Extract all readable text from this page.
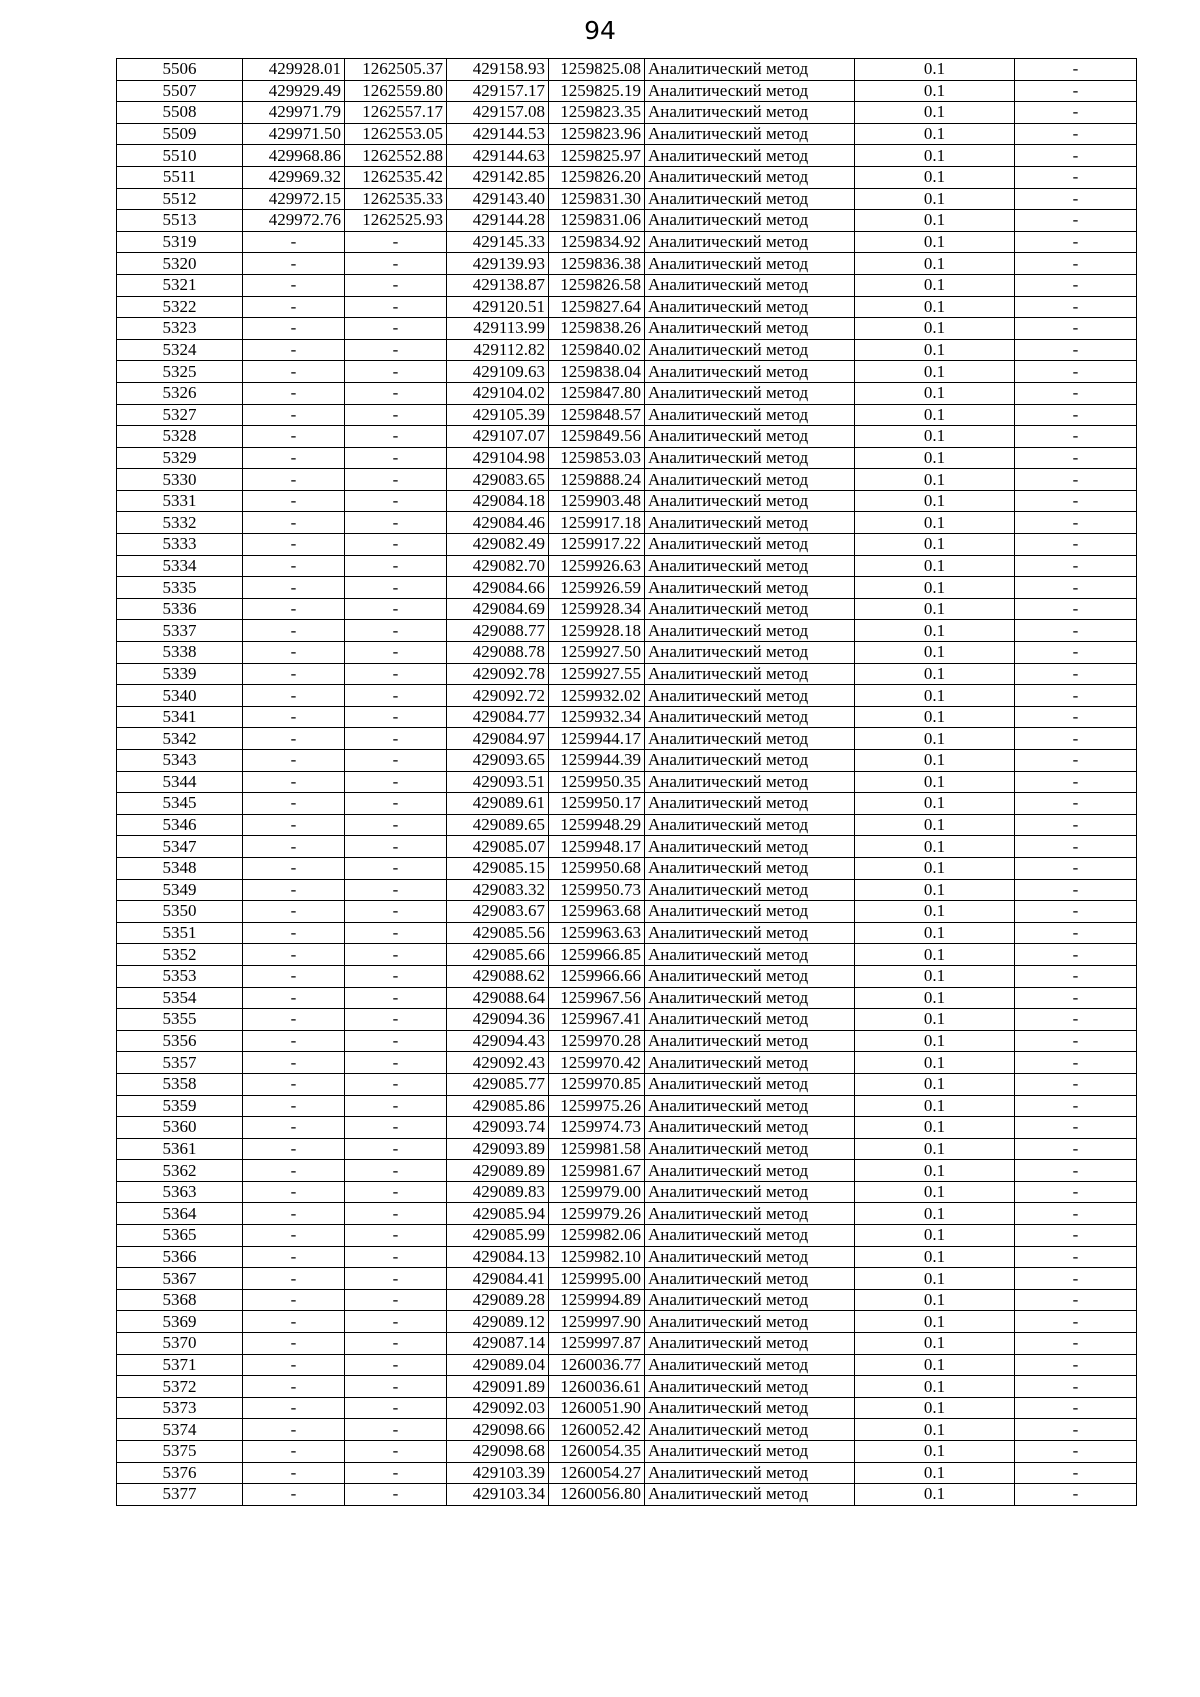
94
5506	429928.01	1262505.37	429158.93	1259825.08	Аналитический метод	0.1	-
5507	429929.49	1262559.80	429157.17	1259825.19	Аналитический метод	0.1	-
5508	429971.79	1262557.17	429157.08	1259823.35	Аналитический метод	0.1	-
5509	429971.50	1262553.05	429144.53	1259823.96	Аналитический метод	0.1	-
5510	429968.86	1262552.88	429144.63	1259825.97	Аналитический метод	0.1	-
5511	429969.32	1262535.42	429142.85	1259826.20	Аналитический метод	0.1	-
5512	429972.15	1262535.33	429143.40	1259831.30	Аналитический метод	0.1	-
5513	429972.76	1262525.93	429144.28	1259831.06	Аналитический метод	0.1	-
5319	-	-	429145.33	1259834.92	Аналитический метод	0.1	-
5320	-	-	429139.93	1259836.38	Аналитический метод	0.1	-
5321	-	-	429138.87	1259826.58	Аналитический метод	0.1	-
5322	-	-	429120.51	1259827.64	Аналитический метод	0.1	-
5323	-	-	429113.99	1259838.26	Аналитический метод	0.1	-
5324	-	-	429112.82	1259840.02	Аналитический метод	0.1	-
5325	-	-	429109.63	1259838.04	Аналитический метод	0.1	-
5326	-	-	429104.02	1259847.80	Аналитический метод	0.1	-
5327	-	-	429105.39	1259848.57	Аналитический метод	0.1	-
5328	-	-	429107.07	1259849.56	Аналитический метод	0.1	-
5329	-	-	429104.98	1259853.03	Аналитический метод	0.1	-
5330	-	-	429083.65	1259888.24	Аналитический метод	0.1	-
5331	-	-	429084.18	1259903.48	Аналитический метод	0.1	-
5332	-	-	429084.46	1259917.18	Аналитический метод	0.1	-
5333	-	-	429082.49	1259917.22	Аналитический метод	0.1	-
5334	-	-	429082.70	1259926.63	Аналитический метод	0.1	-
5335	-	-	429084.66	1259926.59	Аналитический метод	0.1	-
5336	-	-	429084.69	1259928.34	Аналитический метод	0.1	-
5337	-	-	429088.77	1259928.18	Аналитический метод	0.1	-
5338	-	-	429088.78	1259927.50	Аналитический метод	0.1	-
5339	-	-	429092.78	1259927.55	Аналитический метод	0.1	-
5340	-	-	429092.72	1259932.02	Аналитический метод	0.1	-
5341	-	-	429084.77	1259932.34	Аналитический метод	0.1	-
5342	-	-	429084.97	1259944.17	Аналитический метод	0.1	-
5343	-	-	429093.65	1259944.39	Аналитический метод	0.1	-
5344	-	-	429093.51	1259950.35	Аналитический метод	0.1	-
5345	-	-	429089.61	1259950.17	Аналитический метод	0.1	-
5346	-	-	429089.65	1259948.29	Аналитический метод	0.1	-
5347	-	-	429085.07	1259948.17	Аналитический метод	0.1	-
5348	-	-	429085.15	1259950.68	Аналитический метод	0.1	-
5349	-	-	429083.32	1259950.73	Аналитический метод	0.1	-
5350	-	-	429083.67	1259963.68	Аналитический метод	0.1	-
5351	-	-	429085.56	1259963.63	Аналитический метод	0.1	-
5352	-	-	429085.66	1259966.85	Аналитический метод	0.1	-
5353	-	-	429088.62	1259966.66	Аналитический метод	0.1	-
5354	-	-	429088.64	1259967.56	Аналитический метод	0.1	-
5355	-	-	429094.36	1259967.41	Аналитический метод	0.1	-
5356	-	-	429094.43	1259970.28	Аналитический метод	0.1	-
5357	-	-	429092.43	1259970.42	Аналитический метод	0.1	-
5358	-	-	429085.77	1259970.85	Аналитический метод	0.1	-
5359	-	-	429085.86	1259975.26	Аналитический метод	0.1	-
5360	-	-	429093.74	1259974.73	Аналитический метод	0.1	-
5361	-	-	429093.89	1259981.58	Аналитический метод	0.1	-
5362	-	-	429089.89	1259981.67	Аналитический метод	0.1	-
5363	-	-	429089.83	1259979.00	Аналитический метод	0.1	-
5364	-	-	429085.94	1259979.26	Аналитический метод	0.1	-
5365	-	-	429085.99	1259982.06	Аналитический метод	0.1	-
5366	-	-	429084.13	1259982.10	Аналитический метод	0.1	-
5367	-	-	429084.41	1259995.00	Аналитический метод	0.1	-
5368	-	-	429089.28	1259994.89	Аналитический метод	0.1	-
5369	-	-	429089.12	1259997.90	Аналитический метод	0.1	-
5370	-	-	429087.14	1259997.87	Аналитический метод	0.1	-
5371	-	-	429089.04	1260036.77	Аналитический метод	0.1	-
5372	-	-	429091.89	1260036.61	Аналитический метод	0.1	-
5373	-	-	429092.03	1260051.90	Аналитический метод	0.1	-
5374	-	-	429098.66	1260052.42	Аналитический метод	0.1	-
5375	-	-	429098.68	1260054.35	Аналитический метод	0.1	-
5376	-	-	429103.39	1260054.27	Аналитический метод	0.1	-
5377	-	-	429103.34	1260056.80	Аналитический метод	0.1	-
